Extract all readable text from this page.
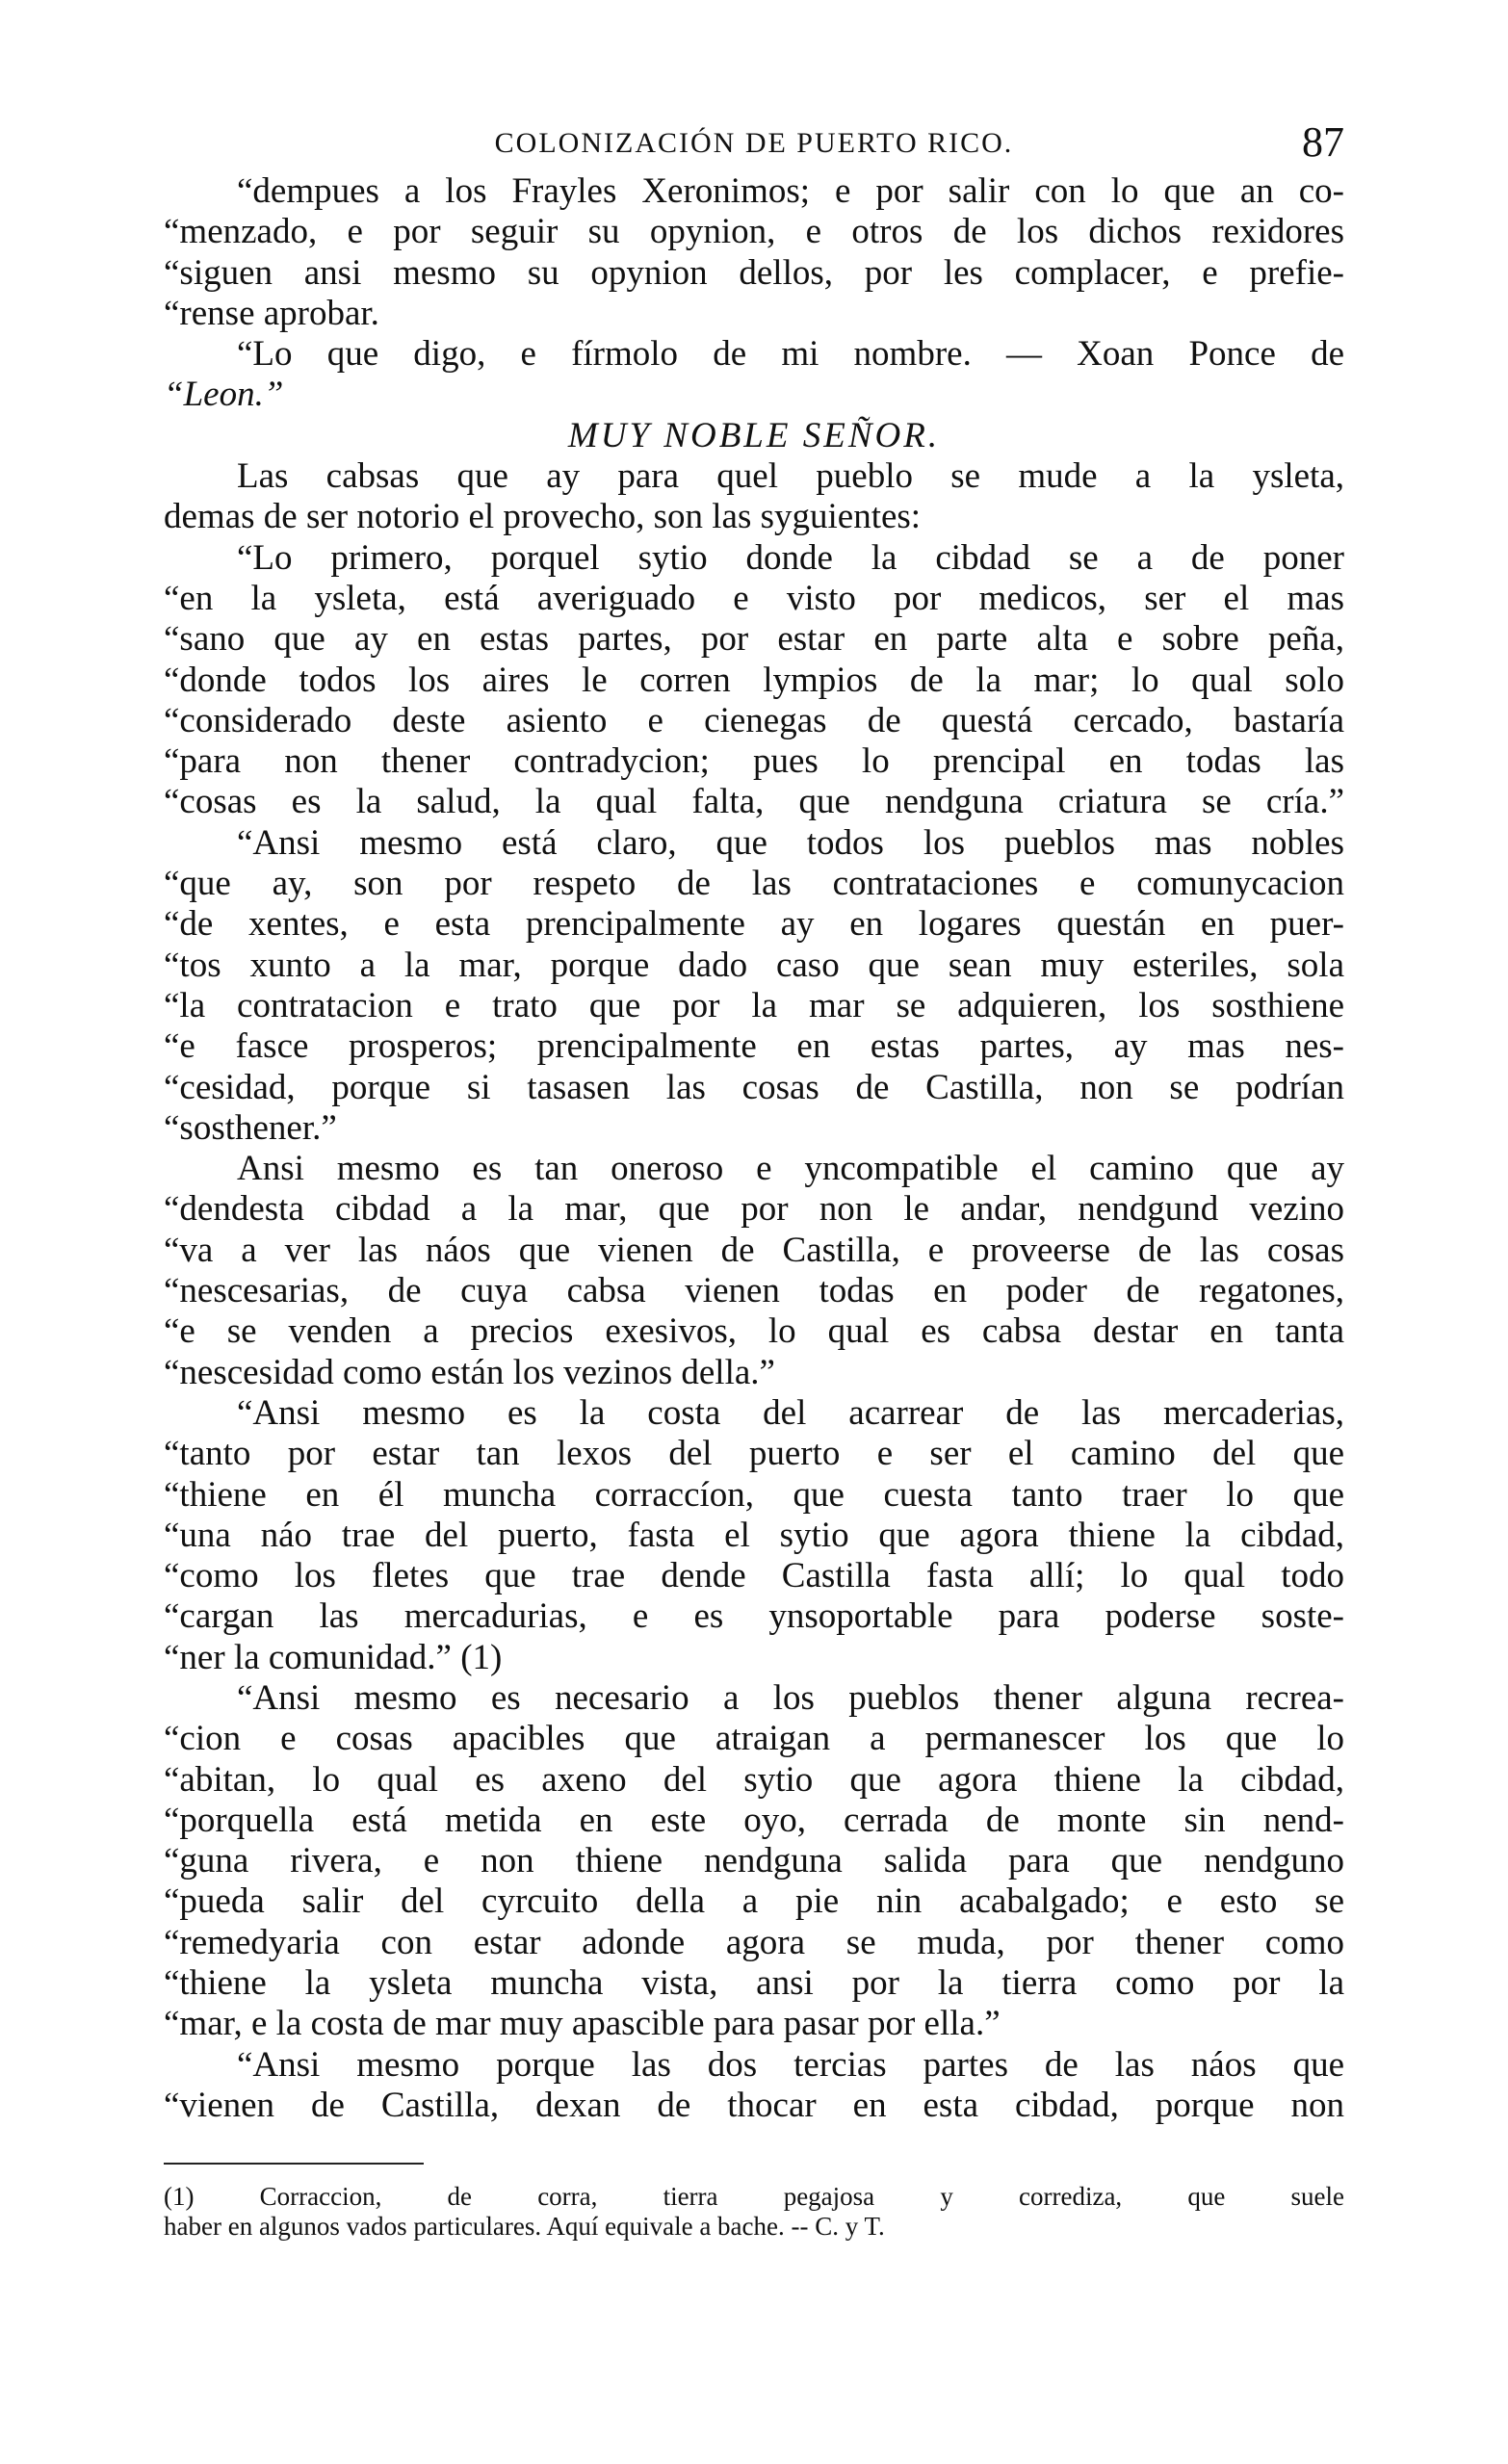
COLONIZACIÓN DE PUERTO RICO.	87
“dempues a los Frayles Xeronimos; e por salir con lo que an co-
“menzado, e por seguir su opynion, e otros de los dichos rexidores
“siguen ansi mesmo su opynion dellos, por les complacer, e prefie-
“rense aprobar.
“Lo que digo, e fírmolo de mi nombre. — Xoan Ponce de
“Leon.”
MUY NOBLE SEÑOR.
Las cabsas que ay para quel pueblo se mude a la ysleta,
demas de ser notorio el provecho, son las syguientes:
“Lo primero, porquel sytio donde la cibdad se a de poner
“en la ysleta, está averiguado e visto por medicos, ser el mas
“sano que ay en estas partes, por estar en parte alta e sobre peña,
“donde todos los aires le corren lympios de la mar; lo qual solo
“considerado deste asiento e cienegas de questá cercado, bastaría
“para non thener contradycion; pues lo prencipal en todas las
“cosas es la salud, la qual falta, que nendguna criatura se cría.”
“Ansi mesmo está claro, que todos los pueblos mas nobles
“que ay, son por respeto de las contrataciones e comunycacion
“de xentes, e esta prencipalmente ay en logares questán en puer-
“tos xunto a la mar, porque dado caso que sean muy esteriles, sola
“la contratacion e trato que por la mar se adquieren, los sosthiene
“e fasce prosperos; prencipalmente en estas partes, ay mas nes-
“cesidad, porque si tasasen las cosas de Castilla, non se podrían
“sosthener.”
Ansi mesmo es tan oneroso e yncompatible el camino que ay
“dendesta cibdad a la mar, que por non le andar, nendgund vezino
“va a ver las náos que vienen de Castilla, e proveerse de las cosas
“nescesarias, de cuya cabsa vienen todas en poder de regatones,
“e se venden a precios exesivos, lo qual es cabsa destar en tanta
“nescesidad como están los vezinos della.”
“Ansi mesmo es la costa del acarrear de las mercaderias,
“tanto por estar tan lexos del puerto e ser el camino del que
“thiene en él muncha corraccíon, que cuesta tanto traer lo que
“una náo trae del puerto, fasta el sytio que agora thiene la cibdad,
“como los fletes que trae dende Castilla fasta allí; lo qual todo
“cargan las mercadurias, e es ynsoportable para poderse soste-
“ner la comunidad.” (1)
“Ansi mesmo es necesario a los pueblos thener alguna recrea-
“cion e cosas apacibles que atraigan a permanescer los que lo
“abitan, lo qual es axeno del sytio que agora thiene la cibdad,
“porquella está metida en este oyo, cerrada de monte sin nend-
“guna rivera, e non thiene nendguna salida para que nendguno
“pueda salir del cyrcuito della a pie nin acabalgado; e esto se
“remedyaria con estar adonde agora se muda, por thener como
“thiene la ysleta muncha vista, ansi por la tierra como por la
“mar, e la costa de mar muy apascible para pasar por ella.”
“Ansi mesmo porque las dos tercias partes de las náos que
“vienen de Castilla, dexan de thocar en esta cibdad, porque non
(1) Corraccion, de corra, tierra pegajosa y corrediza, que suele
haber en algunos vados particulares. Aquí equivale a bache. -- C. y T.
